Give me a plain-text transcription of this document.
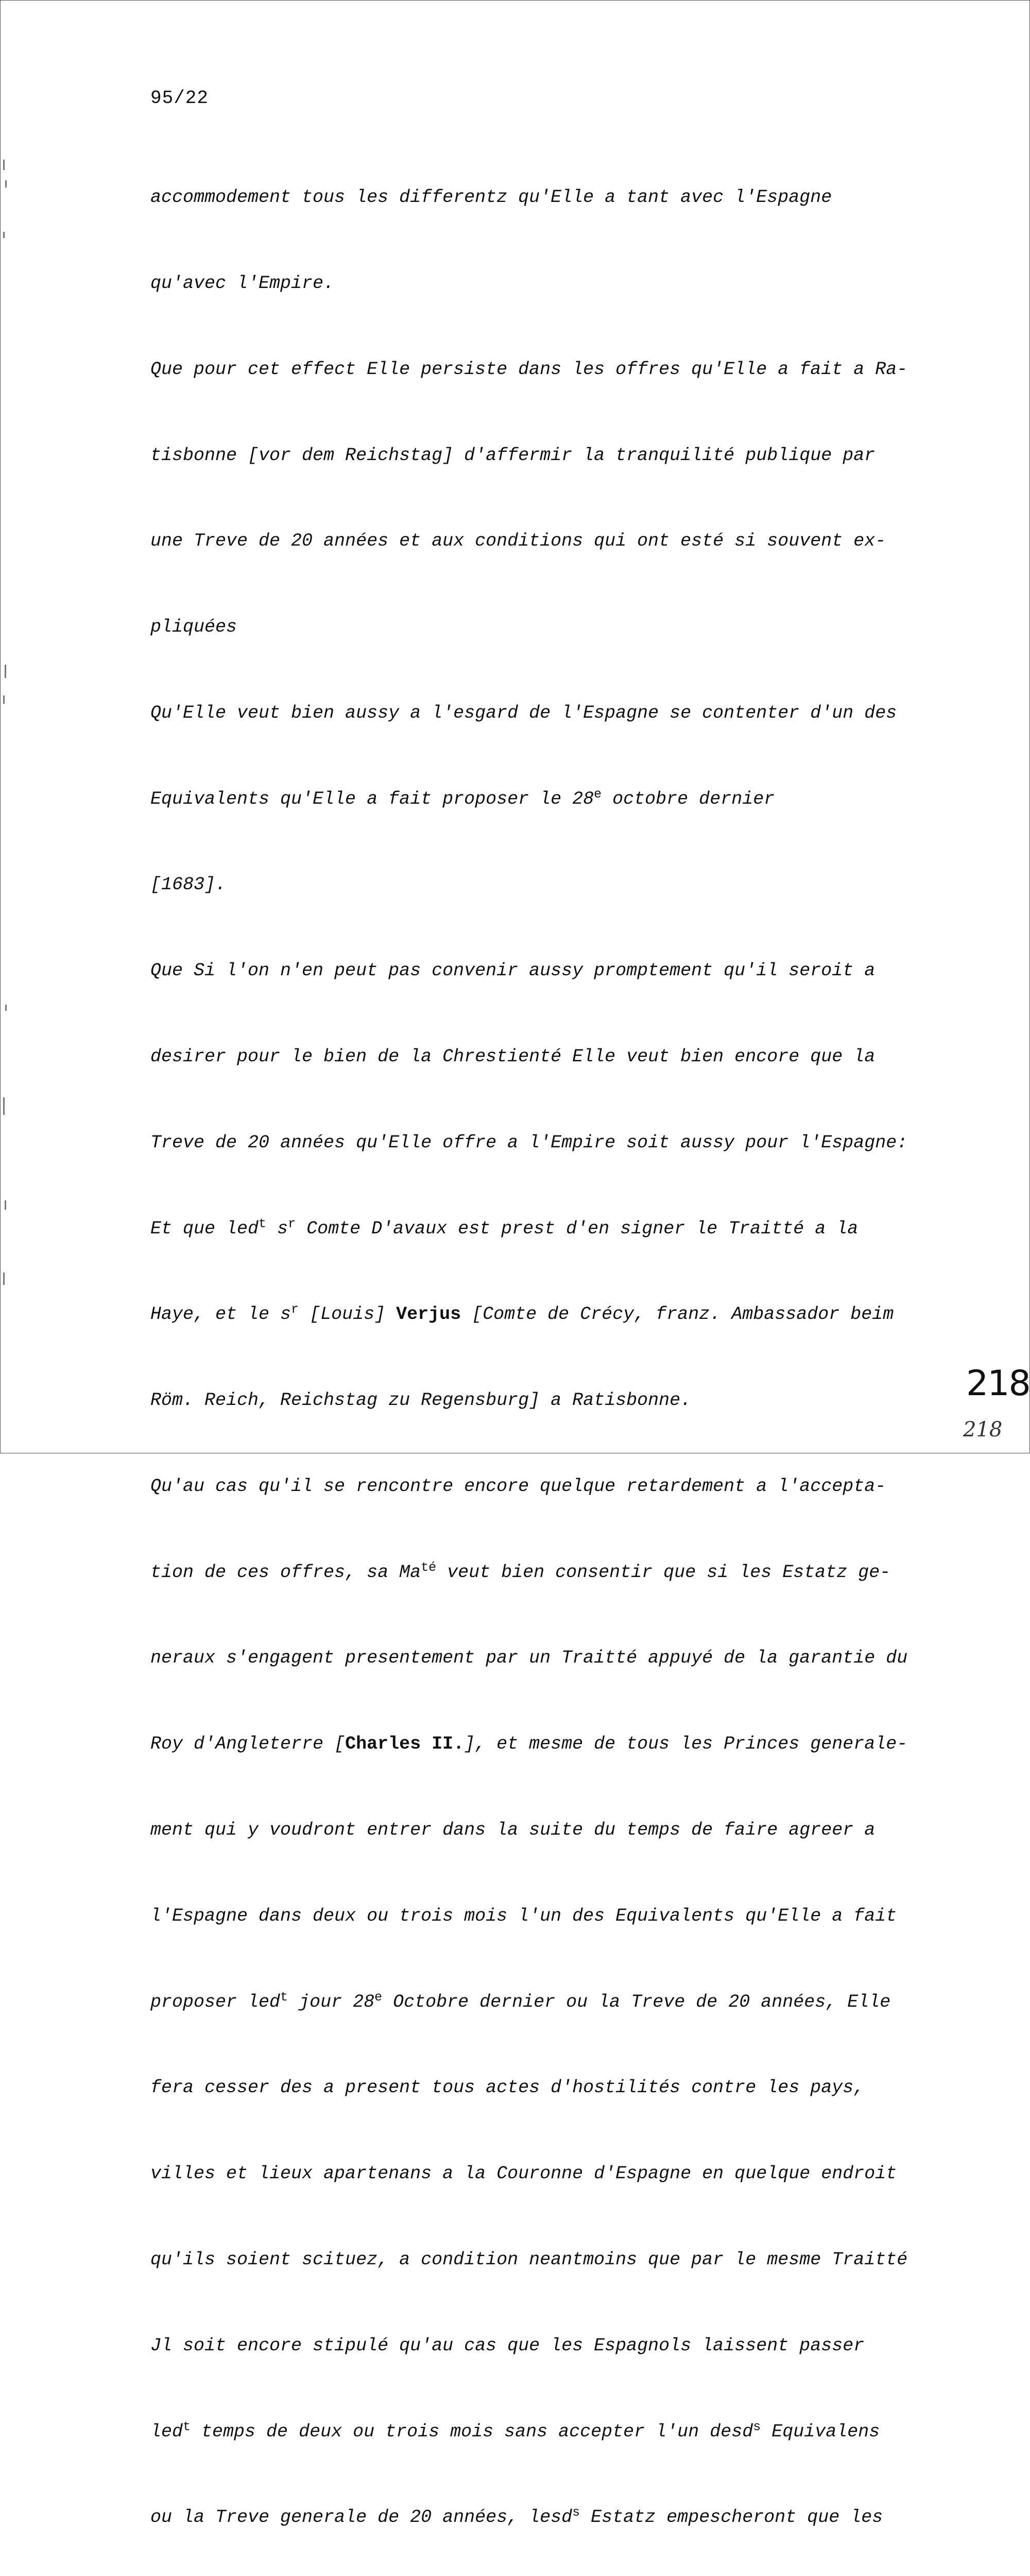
95/22

accommodement tous les differentz qu'Elle a tant avec l'Espagne

qu'avec l'Empire.

Que pour cet effect Elle persiste dans les offres qu'Elle a fait a Ra-

tisbonne [vor dem Reichstag] d'affermir la tranquilité publique par

une Treve de 20 années et aux conditions qui ont esté si souvent ex-

pliquées

Qu'Elle veut bien aussy a l'esgard de l'Espagne se contenter d'un des

Equivalents qu'Elle a fait proposer le 28e octobre dernier

[1683].

Que Si l'on n'en peut pas convenir aussy promptement qu'il seroit a

desirer pour le bien de la Chrestienté Elle veut bien encore que la

Treve de 20 années qu'Elle offre a l'Empire soit aussy pour l'Espagne:

Et que led$^t$ $s^r$ Comte D'avaux est prest d'en signer le Traitté a la

Haye, et le $s^r$ [Louis] Verjus [Comte de Crécy, franz. Ambassador beim

Röm. Reich, Reichstag zu Regensburg] a Ratisbonne.

Qu'au cas qu'il se rencontre encore quelque retardement a l'accepta-

tion de ces offres, sa $Ma^{té}$ veut bien consentir que si les Estatz ge-

neraux s'engagent presentement par un Traitté appuyé de la garantie du

Roy d'Angleterre [Charles II.], et mesme de tous les Princes generale-

ment qui y voudront entrer dans la suite du temps de faire agreer a

l'Espagne dans deux ou trois mois l'un des Equivalents qu'Elle a fait

proposer led$^t$ jour 28e Octobre dernier ou la Treve de 20 années, Elle

fera cesser des a present tous actes d'hostilités contre les pays,

villes et lieux apartenans a la Couronne d'Espagne en quelque endroit

qu'ils soient scituez, a condition neantmoins que par le mesme Traitté

Jl soit encore stipulé qu'au cas que les Espagnols laissent passer

led$^t$ temps de deux ou trois mois sans accepter l'un desd$^s$ Equivalens

ou la Treve generale de 20 années, lesd$^s$ Estatz empescheront que les

218
218
